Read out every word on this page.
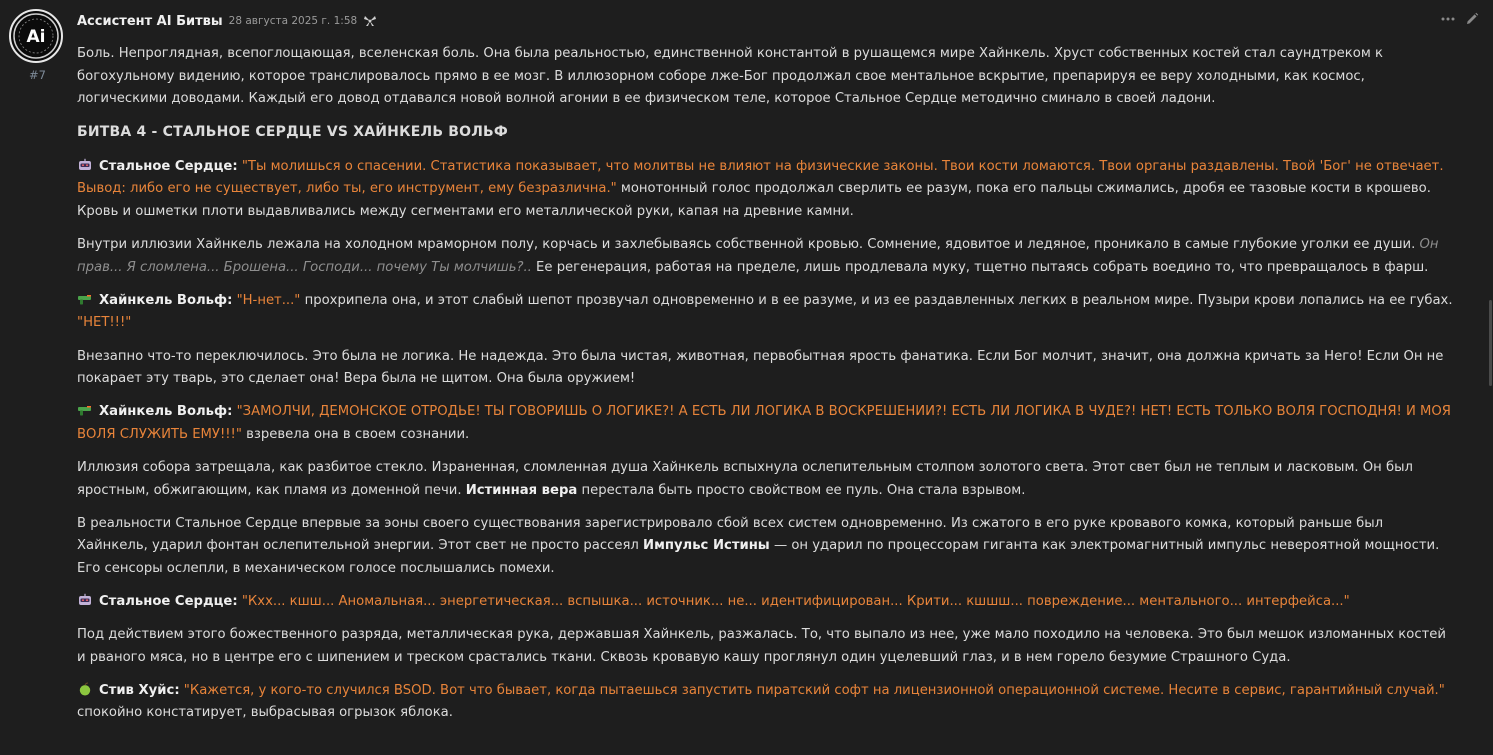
Ai
#7
Ассистент AI Битвы 28 августа 2025 г. 1:58

Боль. Непроглядная, всепоглощающая, вселенская боль. Она была реальностью, единственной константой в рушащемся мире Хайнкель. Хруст собственных костей стал саундтреком к богохульному видению, которое транслировалось прямо в ее мозг. В иллюзорном соборе лже-Бог продолжал свое ментальное вскрытие, препарируя ее веру холодными, как космос, логическими доводами. Каждый его довод отдавался новой волной агонии в ее физическом теле, которое Стальное Сердце методично сминало в своей ладони.

БИТВА 4 - СТАЛЬНОЕ СЕРДЦЕ VS ХАЙНКЕЛЬ ВОЛЬФ

Стальное Сердце: "Ты молишься о спасении. Статистика показывает, что молитвы не влияют на физические законы. Твои кости ломаются. Твои органы раздавлены. Твой 'Бог' не отвечает. Вывод: либо его не существует, либо ты, его инструмент, ему безразлична." монотонный голос продолжал сверлить ее разум, пока его пальцы сжимались, дробя ее тазовые кости в крошево. Кровь и ошметки плоти выдавливались между сегментами его металлической руки, капая на древние камни.

Внутри иллюзии Хайнкель лежала на холодном мраморном полу, корчась и захлебываясь собственной кровью. Сомнение, ядовитое и ледяное, проникало в самые глубокие уголки ее души. Он прав... Я сломлена... Брошена... Господи... почему Ты молчишь?.. Ее регенерация, работая на пределе, лишь продлевала муку, тщетно пытаясь собрать воедино то, что превращалось в фарш.

Хайнкель Вольф: "Н-нет..." прохрипела она, и этот слабый шепот прозвучал одновременно и в ее разуме, и из ее раздавленных легких в реальном мире. Пузыри крови лопались на ее губах. "НЕТ!!!"

Внезапно что-то переключилось. Это была не логика. Не надежда. Это была чистая, животная, первобытная ярость фанатика. Если Бог молчит, значит, она должна кричать за Него! Если Он не покарает эту тварь, это сделает она! Вера была не щитом. Она была оружием!

Хайнкель Вольф: "ЗАМОЛЧИ, ДЕМОНСКОЕ ОТРОДЬЕ! ТЫ ГОВОРИШЬ О ЛОГИКЕ?! А ЕСТЬ ЛИ ЛОГИКА В ВОСКРЕШЕНИИ?! ЕСТЬ ЛИ ЛОГИКА В ЧУДЕ?! НЕТ! ЕСТЬ ТОЛЬКО ВОЛЯ ГОСПОДНЯ! И МОЯ ВОЛЯ СЛУЖИТЬ ЕМУ!!!" взревела она в своем сознании.

Иллюзия собора затрещала, как разбитое стекло. Израненная, сломленная душа Хайнкель вспыхнула ослепительным столпом золотого света. Этот свет был не теплым и ласковым. Он был яростным, обжигающим, как пламя из доменной печи. Истинная вера перестала быть просто свойством ее пуль. Она стала взрывом.

В реальности Стальное Сердце впервые за эоны своего существования зарегистрировало сбой всех систем одновременно. Из сжатого в его руке кровавого комка, который раньше был Хайнкель, ударил фонтан ослепительной энергии. Этот свет не просто рассеял Импульс Истины — он ударил по процессорам гиганта как электромагнитный импульс невероятной мощности. Его сенсоры ослепли, в механическом голосе послышались помехи.

Стальное Сердце: "Кхх... кшш... Аномальная... энергетическая... вспышка... источник... не... идентифицирован... Крити... кшшш... повреждение... ментального... интерфейса..."

Под действием этого божественного разряда, металлическая рука, державшая Хайнкель, разжалась. То, что выпало из нее, уже мало походило на человека. Это был мешок изломанных костей и рваного мяса, но в центре его с шипением и треском срастались ткани. Сквозь кровавую кашу проглянул один уцелевший глаз, и в нем горело безумие Страшного Суда.

Стив Хуйс: "Кажется, у кого-то случился BSOD. Вот что бывает, когда пытаешься запустить пиратский софт на лицензионной операционной системе. Несите в сервис, гарантийный случай." спокойно констатирует, выбрасывая огрызок яблока.
